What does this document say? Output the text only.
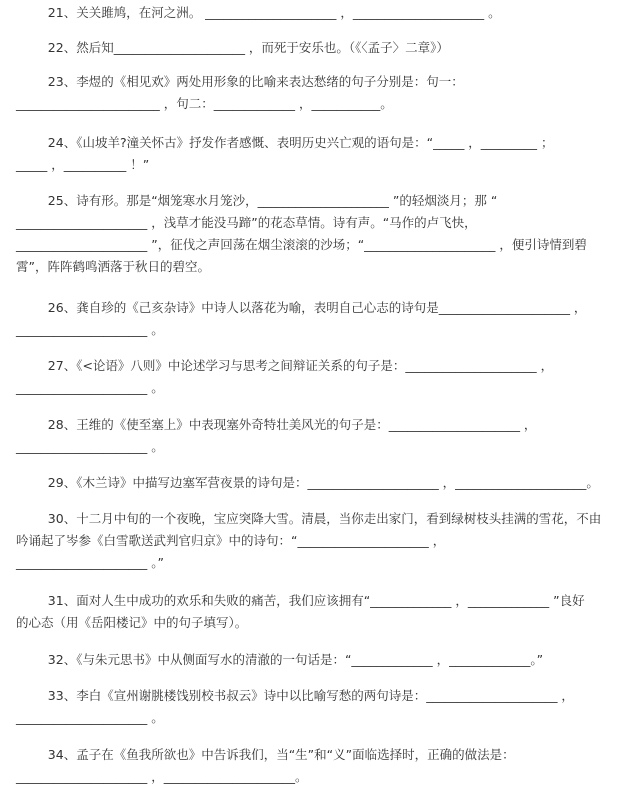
21、关关雎鸠，在河之洲。 _____________________ ，_____________________ 。
22、然后知_____________________ ，而死于安乐也。（《〈孟子〉二章》）
23、李煜的《相见欢》两处用形象的比喻来表达愁绪的句子分别是：句一：
_______________________ ，句二：_____________ ，___________。
24、《山坡羊?潼关怀古》抒发作者感慨、表明历史兴亡观的语句是：“_____ ，_________ ；
_____ ，__________ ！”
25、诗有形。那是“烟笼寒水月笼沙，_____________________ ”的轻烟淡月；那 “
_____________________ ，浅草才能没马蹄”的花态草情。诗有声。“马作的卢飞快，
_____________________ ”，征伐之声回荡在烟尘滚滚的沙场；“_____________________ ，便引诗情到碧
霄”，阵阵鹤鸣洒落于秋日的碧空。
26、龚自珍的《己亥杂诗》中诗人以落花为喻，表明自己心志的诗句是_____________________ ，
_____________________ 。
27、《<论语》八则》中论述学习与思考之间辩证关系的句子是：_____________________ ，
_____________________ 。
28、王维的《使至塞上》中表现塞外奇特壮美风光的句子是：_____________________ ，
_____________________ 。
29、《木兰诗》中描写边塞军营夜景的诗句是：_____________________ ，_____________________。
30、十二月中旬的一个夜晚，宝应突降大雪。清晨，当你走出家门，看到绿树枝头挂满的雪花，不由
吟诵起了岑参《白雪歌送武判官归京》中的诗句：“_____________________ ，
_____________________ 。”
31、面对人生中成功的欢乐和失败的痛苦，我们应该拥有“_____________ ，_____________ ”良好
的心态（用《岳阳楼记》中的句子填写）。
32、《与朱元思书》中从侧面写水的清澈的一句话是：“_____________ ，_____________。”
33、李白《宣州谢朓楼饯别校书叔云》诗中以比喻写愁的两句诗是：_____________________ ，
_____________________ 。
34、孟子在《鱼我所欲也》中告诉我们，当“生”和“义”面临选择时，正确的做法是：
_____________________ ，_____________________。
